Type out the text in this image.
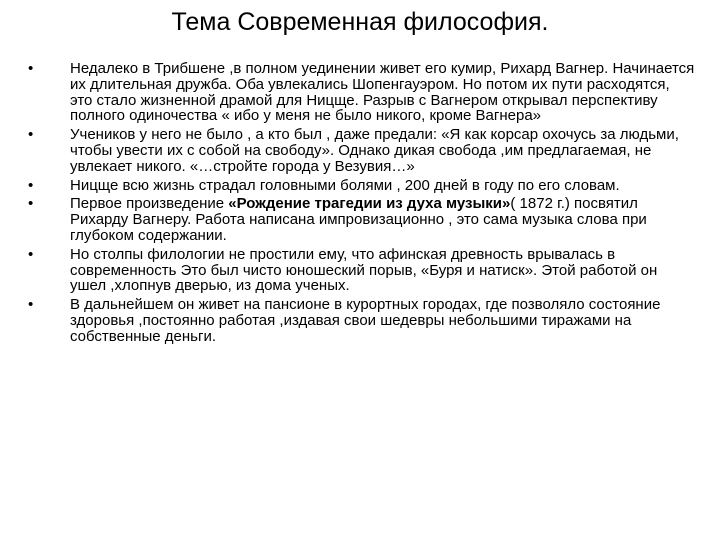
Тема Современная философия.
• Недалеко в Трибшене ,в полном уединении живет его кумир, Рихард Вагнер. Начинается их длительная дружба. Оба увлекались Шопенгауэром. Но потом их пути расходятся, это стало жизненной драмой для Ницще. Разрыв с Вагнером открывал перспективу полного одиночества « ибо у меня не было никого, кроме Вагнера»
• Учеников у него не было , а кто был , даже предали: «Я как корсар охочусь за людьми, чтобы увести их с собой на свободу». Однако дикая свобода ,им предлагаемая, не увлекает никого. «…стройте города у Везувия…»
• Ницще всю жизнь страдал головными болями , 200 дней в году по его словам.
• Первое произведение «Рождение трагедии из духа музыки»( 1872 г.) посвятил Рихарду Вагнеру. Работа написана импровизационно , это сама музыка слова при глубоком содержании.
• Но столпы филологии не простили ему, что афинская древность врывалась в современность Это был чисто юношеский порыв, «Буря и натиск». Этой работой он ушел ,хлопнув дверью, из дома ученых.
• В дальнейшем он живет на пансионе в курортных городах, где позволяло состояние здоровья ,постоянно работая ,издавая свои шедевры небольшими тиражами на собственные деньги.
